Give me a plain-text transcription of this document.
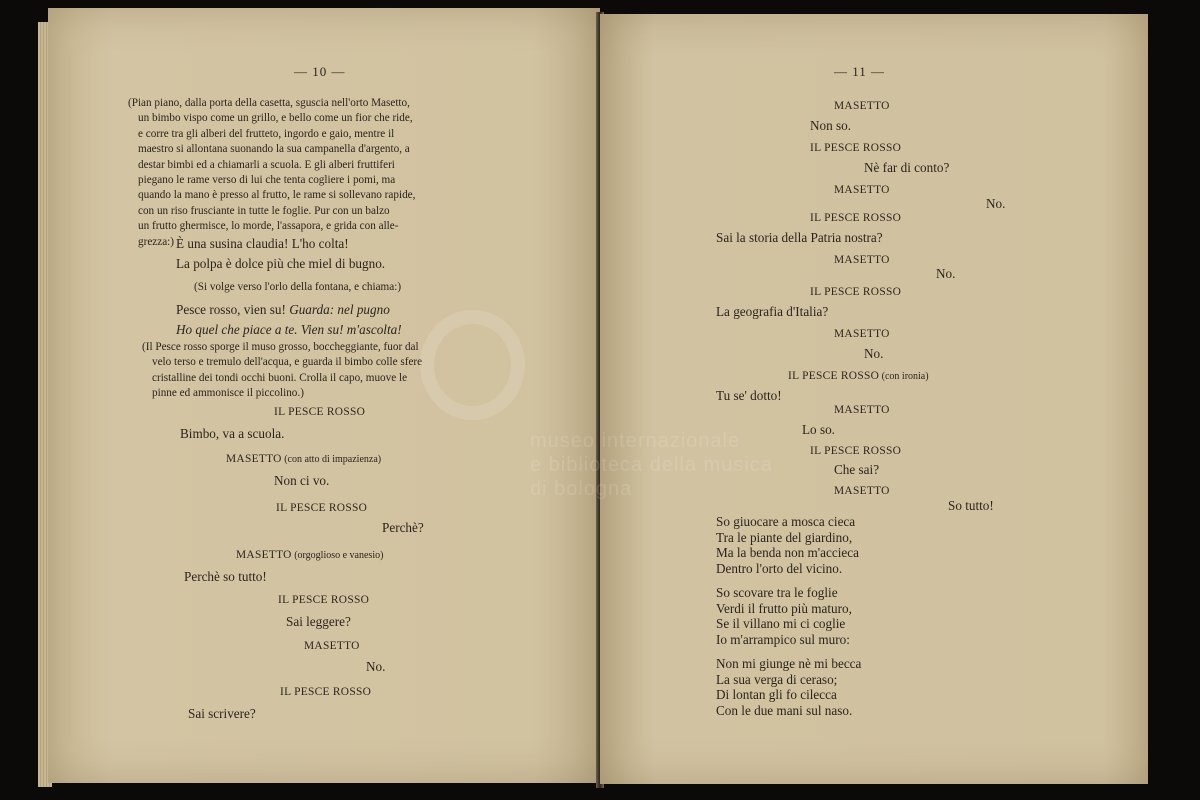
— 10 —
(Pian piano, dalla porta della casetta, sguscia nell'orto Masetto,
un bimbo vispo come un grillo, e bello come un fior che ride,
e corre tra gli alberi del frutteto, ingordo e gaio, mentre il
maestro si allontana suonando la sua campanella d'argento, a
destar bimbi ed a chiamarli a scuola. E gli alberi fruttiferi
piegano le rame verso di lui che tenta cogliere i pomi, ma
quando la mano è presso al frutto, le rame si sollevano rapide,
con un riso frusciante in tutte le foglie. Pur con un balzo
un frutto ghermisce, lo morde, l'assapora, e grida con alle-
grezza:) È una susina claudia! L'ho colta!
La polpa è dolce più che miel di bugno.
(Si volge verso l'orlo della fontana, e chiama:)
Pesce rosso, vien su! Guarda: nel pugno
Ho quel che piace a te. Vien su! m'ascolta!
(Il Pesce rosso sporge il muso grosso, boccheggiante, fuor dal
velo terso e tremulo dell'acqua, e guarda il bimbo colle sfere
cristalline dei tondi occhi buoni. Crolla il capo, muove le
pinne ed ammonisce il piccolino.)
IL PESCE ROSSO
Bimbo, va a scuola.
MASETTO (con atto di impazienza)
Non ci vo.
IL PESCE ROSSO
Perchè?
MASETTO (orgoglioso e vanesio)
Perchè so tutto!
IL PESCE ROSSO
Sai leggere?
MASETTO
No.
IL PESCE ROSSO
Sai scrivere?
— 11 —
MASETTO
Non so.
IL PESCE ROSSO
Nè far di conto?
MASETTO
No.
IL PESCE ROSSO
Sai la storia della Patria nostra?
MASETTO
No.
IL PESCE ROSSO
La geografia d'Italia?
MASETTO
No.
IL PESCE ROSSO (con ironia)
Tu se' dotto!
MASETTO
Lo so.
IL PESCE ROSSO
Che sai?
MASETTO
So tutto!
So giuocare a mosca cieca
Tra le piante del giardino,
Ma la benda non m'accieca
Dentro l'orto del vicino.
So scovare tra le foglie
Verdi il frutto più maturo,
Se il villano mi ci coglie
Io m'arrampico sul muro:
Non mi giunge nè mi becca
La sua verga di ceraso;
Di lontan gli fo cilecca
Con le due mani sul naso.
